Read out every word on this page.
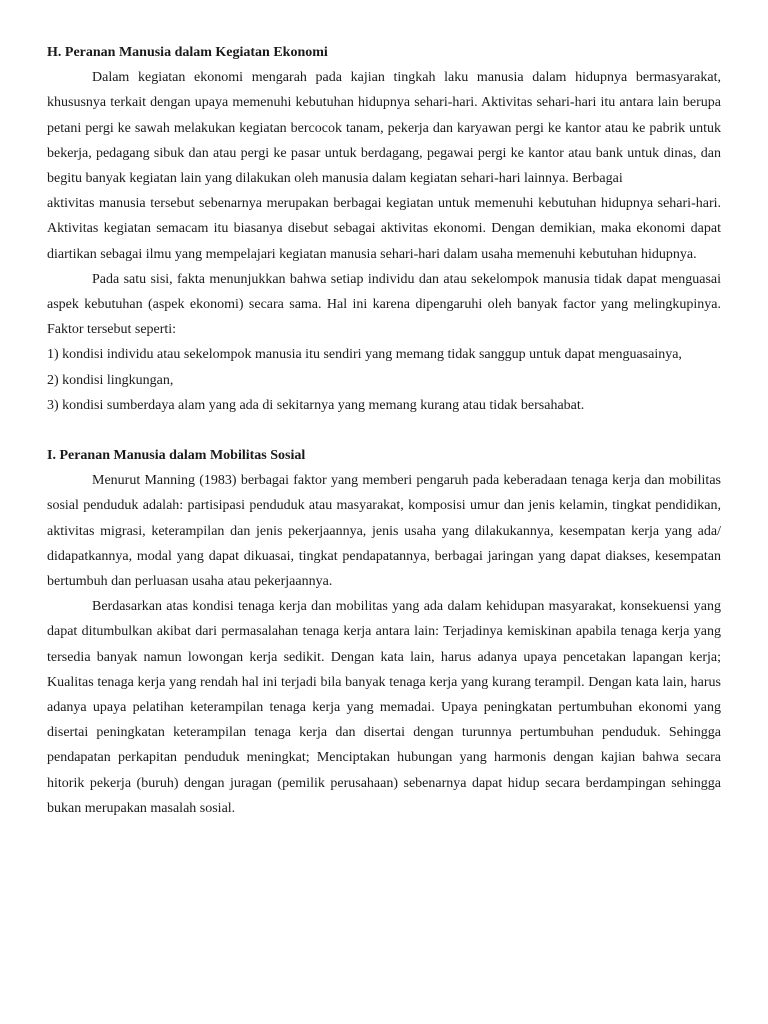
H. Peranan Manusia dalam Kegiatan Ekonomi

Dalam kegiatan ekonomi mengarah pada kajian tingkah laku manusia dalam hidupnya bermasyarakat, khususnya terkait dengan upaya memenuhi kebutuhan hidupnya sehari-hari. Aktivitas sehari-hari itu antara lain berupa petani pergi ke sawah melakukan kegiatan bercocok tanam, pekerja dan karyawan pergi ke kantor atau ke pabrik untuk bekerja, pedagang sibuk dan atau pergi ke pasar untuk berdagang, pegawai pergi ke kantor atau bank untuk dinas, dan begitu banyak kegiatan lain yang dilakukan oleh manusia dalam kegiatan sehari-hari lainnya. Berbagai

aktivitas manusia tersebut sebenarnya merupakan berbagai kegiatan untuk memenuhi kebutuhan hidupnya sehari-hari. Aktivitas kegiatan semacam itu biasanya disebut sebagai aktivitas ekonomi. Dengan demikian, maka ekonomi dapat diartikan sebagai ilmu yang mempelajari kegiatan manusia sehari-hari dalam usaha memenuhi kebutuhan hidupnya.

Pada satu sisi, fakta menunjukkan bahwa setiap individu dan atau sekelompok manusia tidak dapat menguasai aspek kebutuhan (aspek ekonomi) secara sama. Hal ini karena dipengaruhi oleh banyak factor yang melingkupinya. Faktor tersebut seperti:

1) kondisi individu atau sekelompok manusia itu sendiri yang memang tidak sanggup untuk dapat menguasainya,

2) kondisi lingkungan,

3) kondisi sumberdaya alam yang ada di sekitarnya yang memang kurang atau tidak bersahabat.

I. Peranan Manusia dalam Mobilitas Sosial

Menurut Manning (1983) berbagai faktor yang memberi pengaruh pada keberadaan tenaga kerja dan mobilitas sosial penduduk adalah: partisipasi penduduk atau masyarakat, komposisi umur dan jenis kelamin, tingkat pendidikan, aktivitas migrasi, keterampilan dan jenis pekerjaannya, jenis usaha yang dilakukannya, kesempatan kerja yang ada/ didapatkannya, modal yang dapat dikuasai, tingkat pendapatannya, berbagai jaringan yang dapat diakses, kesempatan bertumbuh dan perluasan usaha atau pekerjaannya.

Berdasarkan atas kondisi tenaga kerja dan mobilitas yang ada dalam kehidupan masyarakat, konsekuensi yang dapat ditumbulkan akibat dari permasalahan tenaga kerja antara lain: Terjadinya kemiskinan apabila tenaga kerja yang tersedia banyak namun lowongan kerja sedikit. Dengan kata lain, harus adanya upaya pencetakan lapangan kerja; Kualitas tenaga kerja yang rendah hal ini terjadi bila banyak tenaga kerja yang kurang terampil. Dengan kata lain, harus adanya upaya pelatihan keterampilan tenaga kerja yang memadai. Upaya peningkatan pertumbuhan ekonomi yang disertai peningkatan keterampilan tenaga kerja dan disertai dengan turunnya pertumbuhan penduduk. Sehingga pendapatan perkapitan penduduk meningkat; Menciptakan hubungan yang harmonis dengan kajian bahwa secara hitorik pekerja (buruh) dengan juragan (pemilik perusahaan) sebenarnya dapat hidup secara berdampingan sehingga bukan merupakan masalah sosial.
